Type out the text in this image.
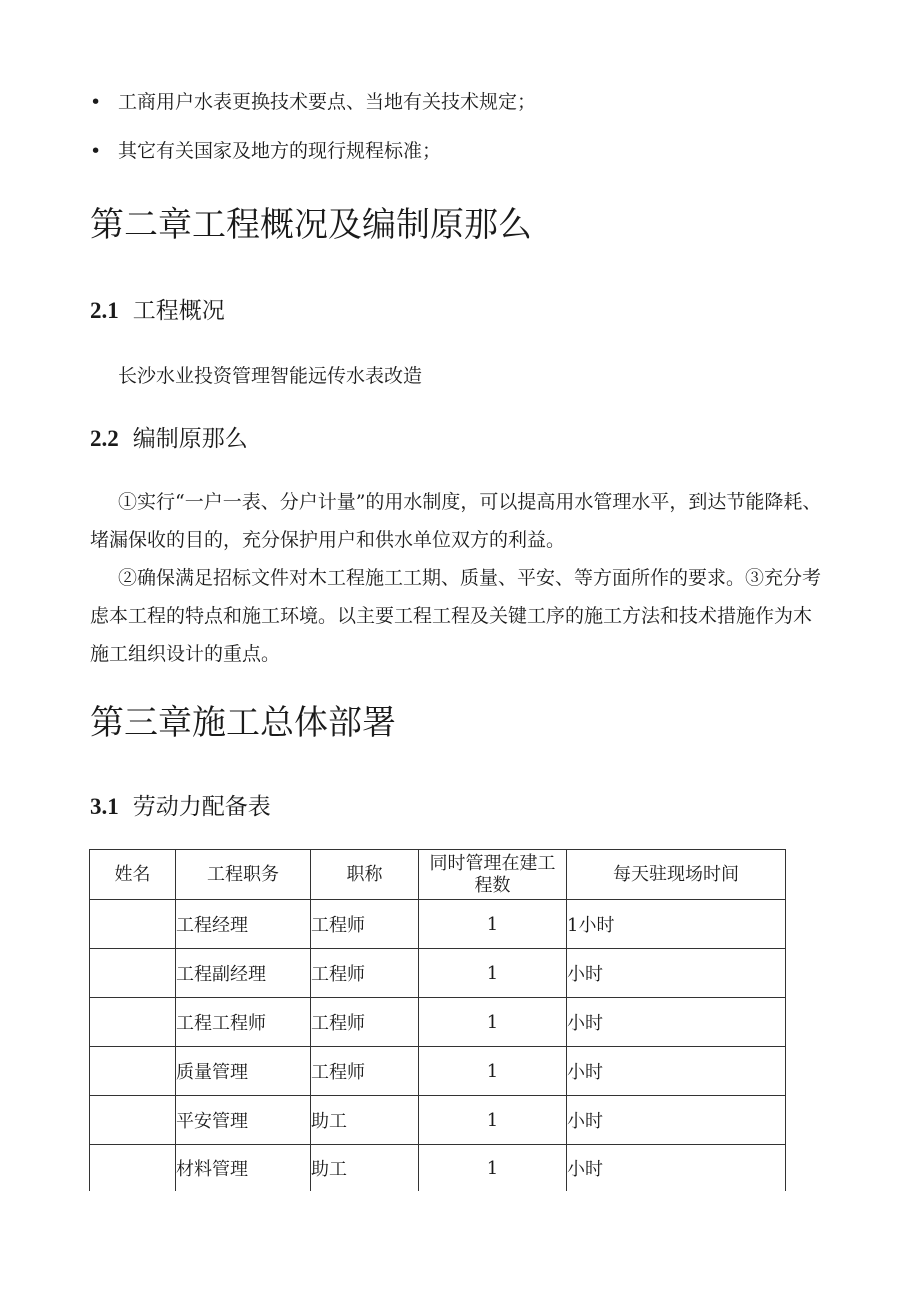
• 工商用户水表更换技术要点、当地有关技术规定；
• 其它有关国家及地方的现行规程标准；
第二章工程概况及编制原那么
2.1 工程概况
长沙水业投资管理智能远传水表改造
2.2 编制原那么

①实行“一户一表、分户计量”的用水制度，可以提高用水管理水平，到达节能降耗、堵漏保收的目的，充分保护用户和供水单位双方的利益。

②确保满足招标文件对木工程施工工期、质量、平安、等方面所作的要求。③充分考虑本工程的特点和施工环境。以主要工程工程及关键工序的施工方法和技术措施作为木施工组织设计的重点。

第三章施工总体部署
3.1 劳动力配备表
姓名	工程职务	职称	同时管理在建工程数	每天驻现场时间
	工程经理	工程师	1	1小时
	工程副经理	工程师	1	小时
	工程工程师	工程师	1	小时
	质量管理	工程师	1	小时
	平安管理	助工	1	小时
	材料管理	助工	1	小时
